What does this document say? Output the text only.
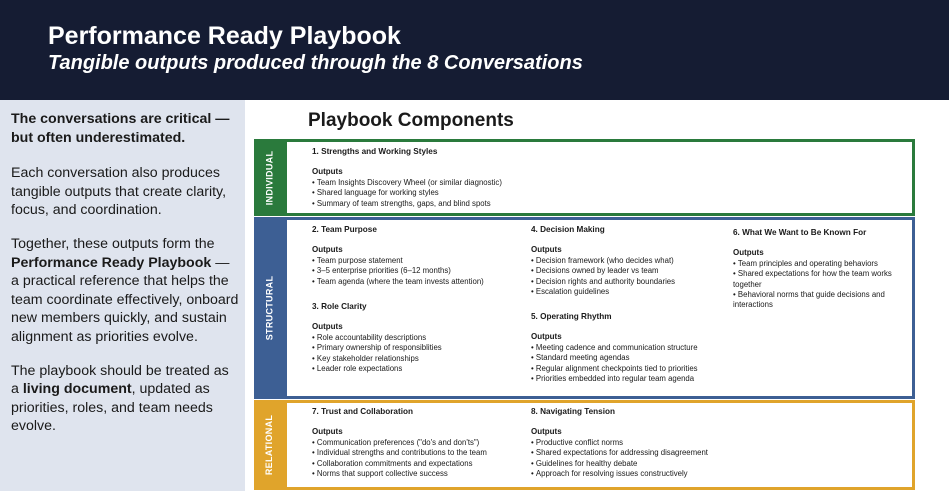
Performance Ready Playbook
Tangible outputs produced through the 8 Conversations

The conversations are critical — but often underestimated.

Each conversation also produces tangible outputs that create clarity, focus, and coordination.

Together, these outputs form the Performance Ready Playbook — a practical reference that helps the team coordinate effectively, onboard new members quickly, and sustain alignment as priorities evolve.

The playbook should be treated as a living document, updated as priorities, roles, and team needs evolve.

Playbook Components
INDIVIDUAL	1. Strengths and Working Styles
Outputs
• Team Insights Discovery Wheel (or similar diagnostic)
• Shared language for working styles
• Summary of team strengths, gaps, and blind spots
STRUCTURAL
2. Team Purpose
Outputs
• Team purpose statement
• 3–5 enterprise priorities (6–12 months)
• Team agenda (where the team invests attention)
3. Role Clarity
Outputs
• Role accountability descriptions
• Primary ownership of responsiblities
• Key stakeholder relationships
• Leader role expectations
4. Decision Making
Outputs
• Decision framework (who decides what)
• Decisions owned by leader vs team
• Decision rights and authority boundaries
• Escalation guidelines
5. Operating Rhythm
Outputs
• Meeting cadence and communication structure
• Standard meeting agendas
• Regular alignment checkpoints tied to priorities
• Priorities embedded into regular team agenda
6. What We Want to Be Known For
Outputs
• Team principles and operating behaviors
• Shared expectations for how the team works together
• Behavioral norms that guide decisions and interactions
RELATIONAL
7. Trust and Collaboration
Outputs
• Communication preferences ("do's and don'ts")
• Individual strengths and contributions to the team
• Collaboration commitments and expectations
• Norms that support collective success
8. Navigating Tension
Outputs
• Productive conflict norms
• Shared expectations for addressing disagreement
• Guidelines for healthy debate
• Approach for resolving issues constructively
